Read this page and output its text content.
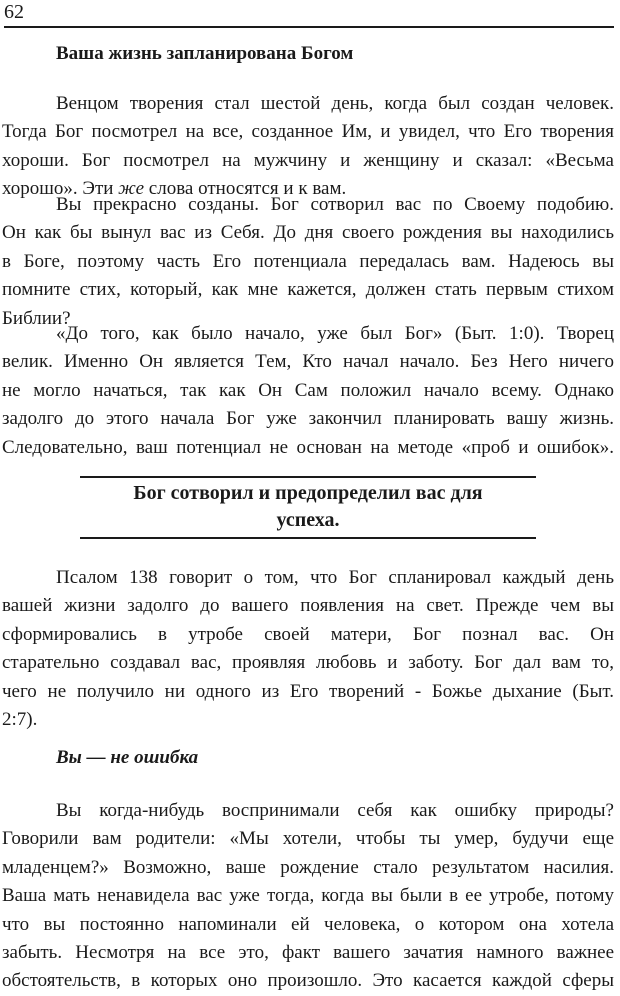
62
Ваша жизнь запланирована Богом
Венцом творения стал шестой день, когда был создан человек.
Тогда Бог посмотрел на все, созданное Им, и увидел, что Его творения
хороши. Бог посмотрел на мужчину и женщину и сказал: «Весьма
хорошо». Эти же слова относятся и к вам.
Вы прекрасно созданы. Бог сотворил вас по Своему подобию.
Он как бы вынул вас из Себя. До дня своего рождения вы находились
в Боге, поэтому часть Его потенциала передалась вам. Надеюсь вы
помните стих, который, как мне кажется, должен стать первым стихом
Библии?
«До того, как было начало, уже был Бог» (Быт. 1:0). Творец
велик. Именно Он является Тем, Кто начал начало. Без Него ничего
не могло начаться, так как Он Сам положил начало всему. Однако
задолго до этого начала Бог уже закончил планировать вашу жизнь.
Следовательно, ваш потенциал не основан на методе «проб и ошибок».
Бог сотворил и предопределил вас для
успеха.
Псалом 138 говорит о том, что Бог спланировал каждый день
вашей жизни задолго до вашего появления на свет. Прежде чем вы
сформировались в утробе своей матери, Бог познал вас. Он
старательно создавал вас, проявляя любовь и заботу. Бог дал вам то,
чего не получило ни одного из Его творений - Божье дыхание (Быт.
2:7).
Вы — не ошибка
Вы когда-нибудь воспринимали себя как ошибку природы?
Говорили вам родители: «Мы хотели, чтобы ты умер, будучи еще
младенцем?» Возможно, ваше рождение стало результатом насилия.
Ваша мать ненавидела вас уже тогда, когда вы были в ее утробе, потому
что вы постоянно напоминали ей человека, о котором она хотела
забыть. Несмотря на все это, факт вашего зачатия намного важнее
обстоятельств, в которых оно произошло. Это касается каждой сферы
